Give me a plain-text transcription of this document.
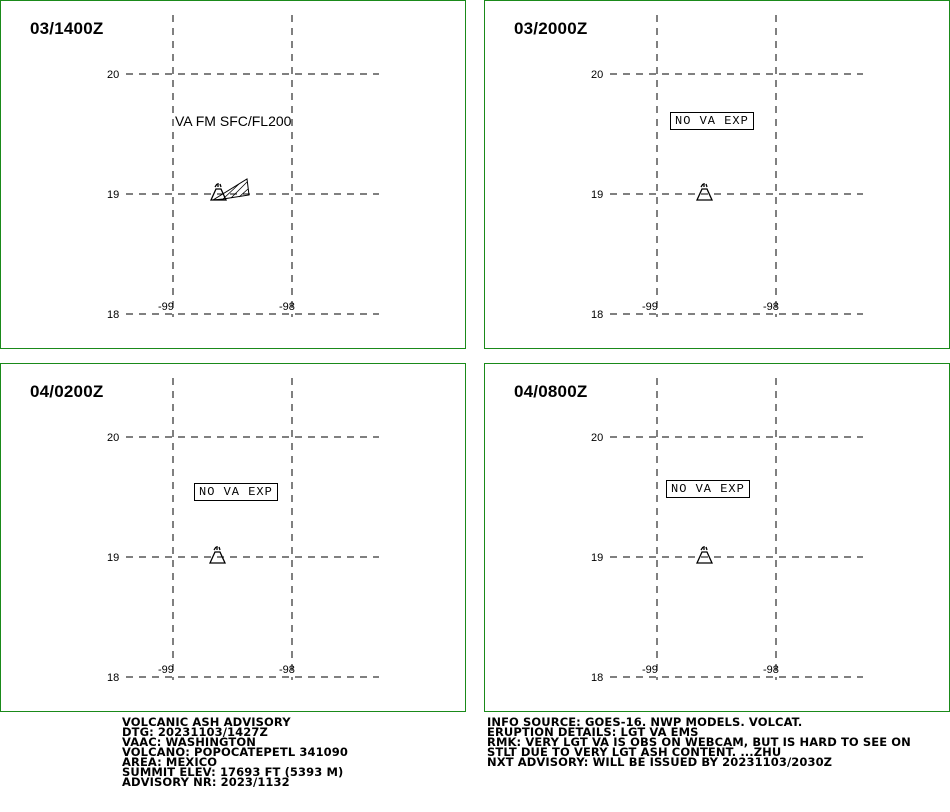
20
19
18
-99	-98
03/1400Z
VA FM SFC/FL200
20
19
18
-99	-98
03/2000Z
NO VA EXP
20
19
18
-99	-98
04/0200Z
NO VA EXP
20
19
18
-99	-98
04/0800Z
NO VA EXP
VOLCANIC ASH ADVISORY
DTG: 20231103/1427Z
VAAC: WASHINGTON
VOLCANO: POPOCATEPETL 341090
AREA: MEXICO
SUMMIT ELEV: 17693 FT (5393 M)
ADVISORY NR: 2023/1132
INFO SOURCE: GOES-16. NWP MODELS. VOLCAT.
ERUPTION DETAILS: LGT VA EMS
RMK: VERY LGT VA IS OBS ON WEBCAM, BUT IS HARD TO SEE ON
STLT DUE TO VERY LGT ASH CONTENT. ...ZHU
NXT ADVISORY: WILL BE ISSUED BY 20231103/2030Z
